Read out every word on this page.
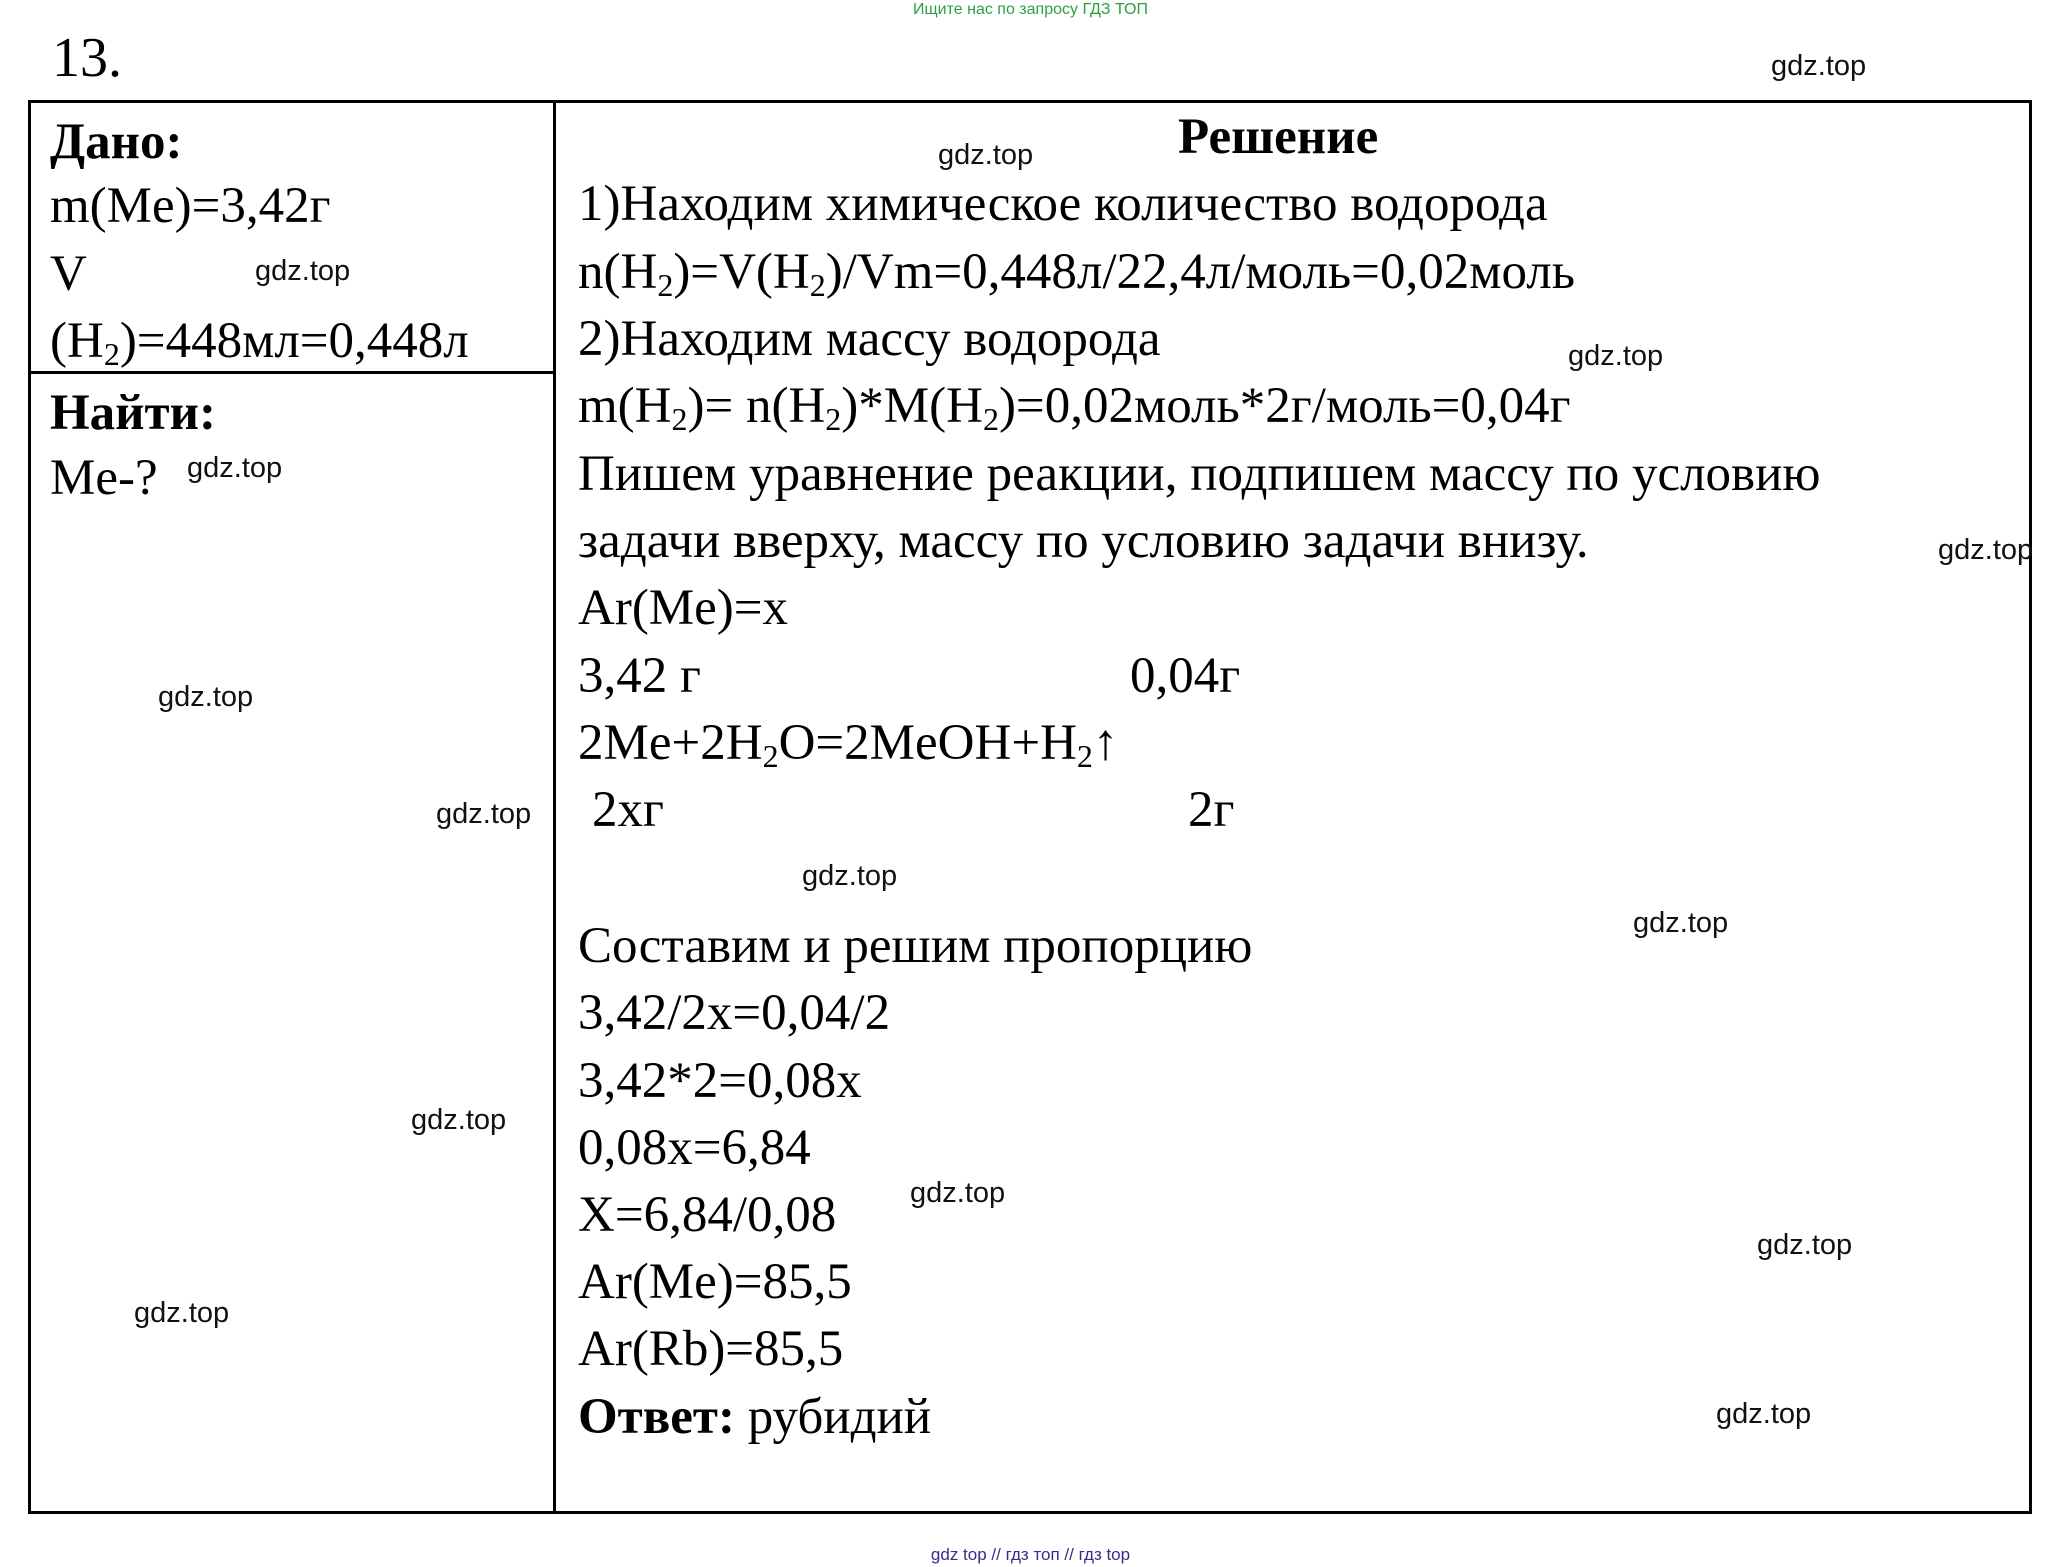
Ищите нас по запросу ГДЗ ТОП
13.
Дано:
m(Me)=3,42г
V
$(H_2)=448мл=0,448л$
Найти:
Me-?
Решение
1)Находим химическое количество водорода
$n(H_2)=V(H_2)/Vm=0,448л/22,4л/моль=0,02моль$
2)Находим массу водорода
$m(H_2)=$ $n(H_2)*M(H_2)=0,02моль*2г/моль=0,04г$
Пишем уравнение реакции, подпишем массу по условию
задачи вверху, массу по условию задачи внизу.
Ar(Me)=x
3,42 г	0,04г
$2Me+2H_2O=2MeOH+H_2↑$
2хг	2г
Составим и решим пропорцию
3,42/2х=0,04/2
3,42*2=0,08х
0,08х=6,84
Х=6,84/0,08
Ar(Me)=85,5
Ar(Rb)=85,5
Ответ: рубидий
gdz.top
gdz.top
gdz.top
gdz.top
gdz.top
gdz.top
gdz.top
gdz.top
gdz.top
gdz.top
gdz.top
gdz.top
gdz.top
gdz.top
gdz.top
gdz top // гдз топ // гдз top
